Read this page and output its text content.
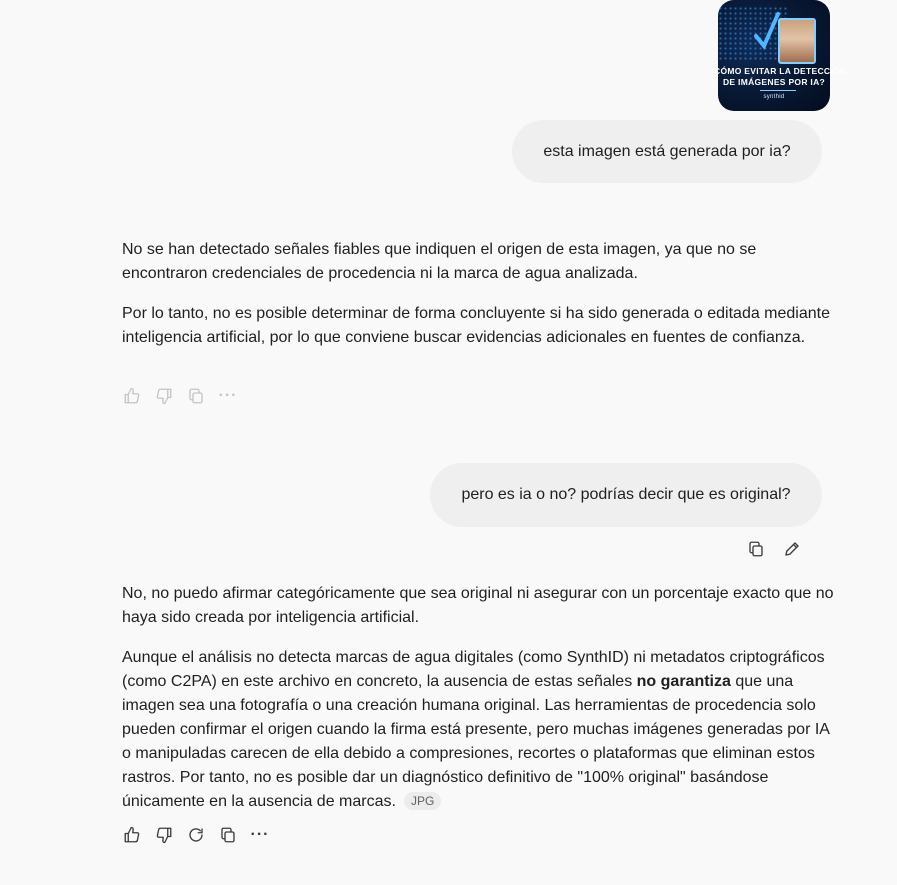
CÓMO EVITAR LA DETECCIÓN
DE IMÁGENES POR IA?
synthid
esta imagen está generada por ia?

No se han detectado señales fiables que indiquen el origen de esta imagen, ya que no se encontraron credenciales de procedencia ni la marca de agua analizada.

Por lo tanto, no es posible determinar de forma concluyente si ha sido generada o editada mediante inteligencia artificial, por lo que conviene buscar evidencias adicionales en fuentes de confianza.

···
pero es ia o no? podrías decir que es original?

No, no puedo afirmar categóricamente que sea original ni asegurar con un porcentaje exacto que no haya sido creada por inteligencia artificial.

Aunque el análisis no detecta marcas de agua digitales (como SynthID) ni metadatos criptográficos (como C2PA) en este archivo en concreto, la ausencia de estas señales no garantiza que una imagen sea una fotografía o una creación humana original. Las herramientas de procedencia solo pueden confirmar el origen cuando la firma está presente, pero muchas imágenes generadas por IA o manipuladas carecen de ella debido a compresiones, recortes o plataformas que eliminan estos rastros. Por tanto, no es posible dar un diagnóstico definitivo de "100% original" basándose únicamente en la ausencia de marcas. JPG

···
